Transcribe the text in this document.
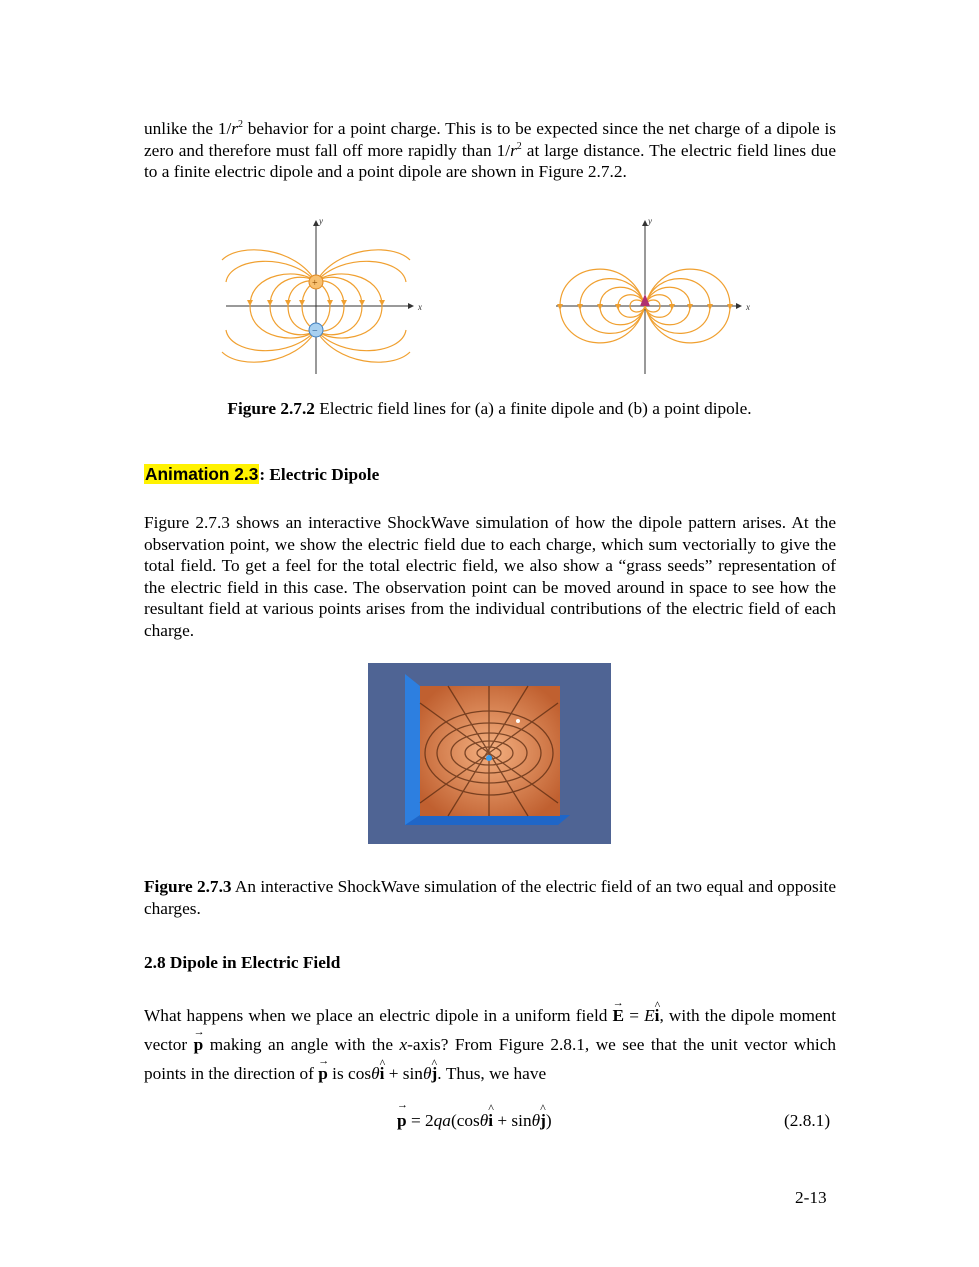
unlike the $1/r^2$ behavior for a point charge. This is to be expected since the net charge of a dipole is zero and therefore must fall off more rapidly than $1/r^2$ at large distance. The electric field lines due to a finite electric dipole and a point dipole are shown in Figure 2.7.2.
y
x
+
−
y
x
Figure 2.7.2 Electric field lines for (a) a finite dipole and (b) a point dipole.
Animation 2.3: Electric Dipole
Figure 2.7.3 shows an interactive ShockWave simulation of how the dipole pattern arises. At the observation point, we show the electric field due to each charge, which sum vectorially to give the total field. To get a feel for the total electric field, we also show a “grass seeds” representation of the electric field in this case. The observation point can be moved around in space to see how the resultant field at various points arises from the individual contributions of the electric field of each charge.
Figure 2.7.3 An interactive ShockWave simulation of the electric field of an two equal and opposite charges.
2.8 Dipole in Electric Field
What happens when we place an electric dipole in a uniform field → E = E^ i, with the dipole moment vector → p making an angle with the x-axis? From Figure 2.8.1, we see that the unit vector which points in the direction of → p is cosθ^ i + sinθ^ j. Thus, we have
→ p = 2qa(cosθ^ i + sinθ^ j)	(2.8.1)
2-13
